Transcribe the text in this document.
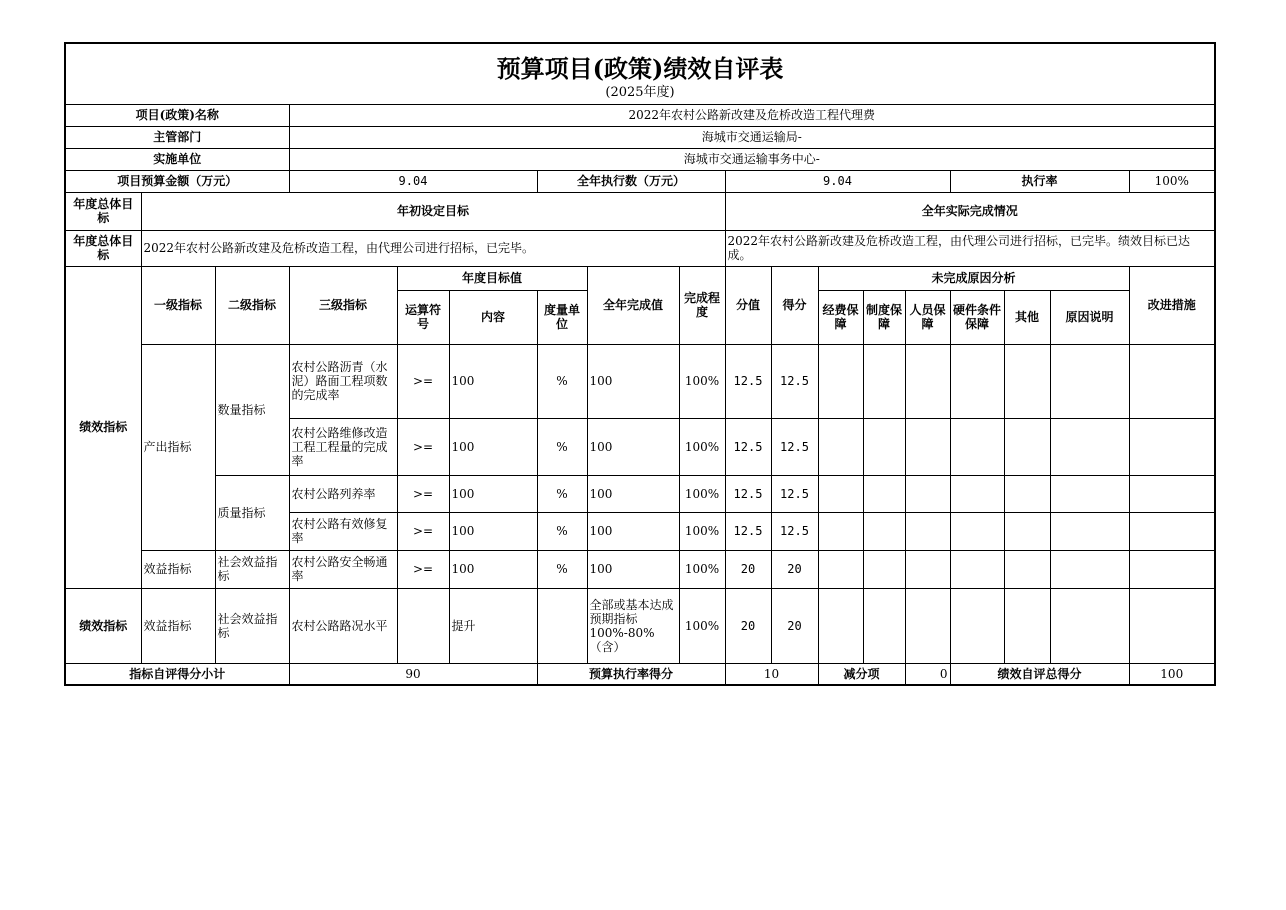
预算项目(政策)绩效自评表
(2025年度)																	

项目(政策)名称			2022年农村公路新改建及危桥改造工程代理费														
主管部门			海城市交通运输局-														
实施单位			海城市交通运输事务中心-														
项目预算金额（万元）			9.04			全年执行数（万元）			9.04					执行率			100%
年度总体目标	年初设定目标								全年实际完成情况								
年度总体目标	2022年农村公路新改建及危桥改造工程，由代理公司进行招标，已完毕。								2022年农村公路新改建及危桥改造工程，由代理公司进行招标，已完毕。绩效目标已达成。								
绩效指标	一级指标	二级指标	三级指标	年度目标值			全年完成值	完成程度	分值	得分	未完成原因分析						改进措施
				运算符号	内容	度量单位					经费保障	制度保障	人员保障	硬件条件保障	其他	原因说明	
	产出指标	数量指标	农村公路沥青（水泥）路面工程项数的完成率	>=	100	%	100	100%	12.5	12.5							
			农村公路维修改造工程工程量的完成率	>=	100	%	100	100%	12.5	12.5							
		质量指标	农村公路列养率	>=	100	%	100	100%	12.5	12.5							
			农村公路有效修复率	>=	100	%	100	100%	12.5	12.5							
	效益指标	社会效益指标	农村公路安全畅通率	>=	100	%	100	100%	20	20							
绩效指标	效益指标	社会效益指标	农村公路路况水平		提升		全部或基本达成预期指标100%-80%（含）	100%	20	20							
指标自评得分小计			90			预算执行率得分			10		减分项		0	绩效自评总得分			100
